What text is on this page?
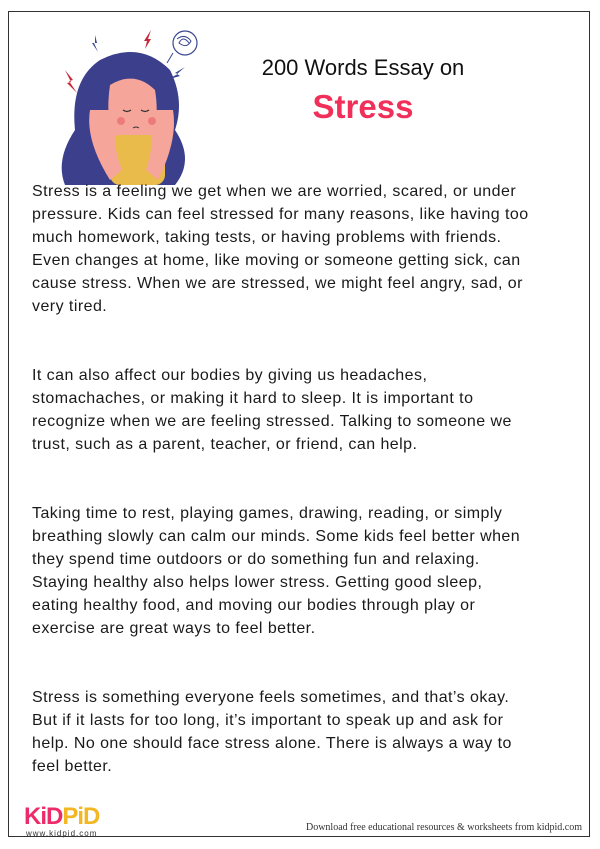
200 Words Essay on
Stress
Stress is a feeling we get when we are worried, scared, or under
pressure. Kids can feel stressed for many reasons, like having too
much homework, taking tests, or having problems with friends.
Even changes at home, like moving or someone getting sick, can
cause stress. When we are stressed, we might feel angry, sad, or
very tired.
It can also affect our bodies by giving us headaches,
stomachaches, or making it hard to sleep. It is important to
recognize when we are feeling stressed. Talking to someone we
trust, such as a parent, teacher, or friend, can help.
Taking time to rest, playing games, drawing, reading, or simply
breathing slowly can calm our minds. Some kids feel better when
they spend time outdoors or do something fun and relaxing.
Staying healthy also helps lower stress. Getting good sleep,
eating healthy food, and moving our bodies through play or
exercise are great ways to feel better.
Stress is something everyone feels sometimes, and that’s okay.
But if it lasts for too long, it’s important to speak up and ask for
help. No one should face stress alone. There is always a way to
feel better.
KiDPiD
www.kidpid.com
Download free educational resources & worksheets from kidpid.com
